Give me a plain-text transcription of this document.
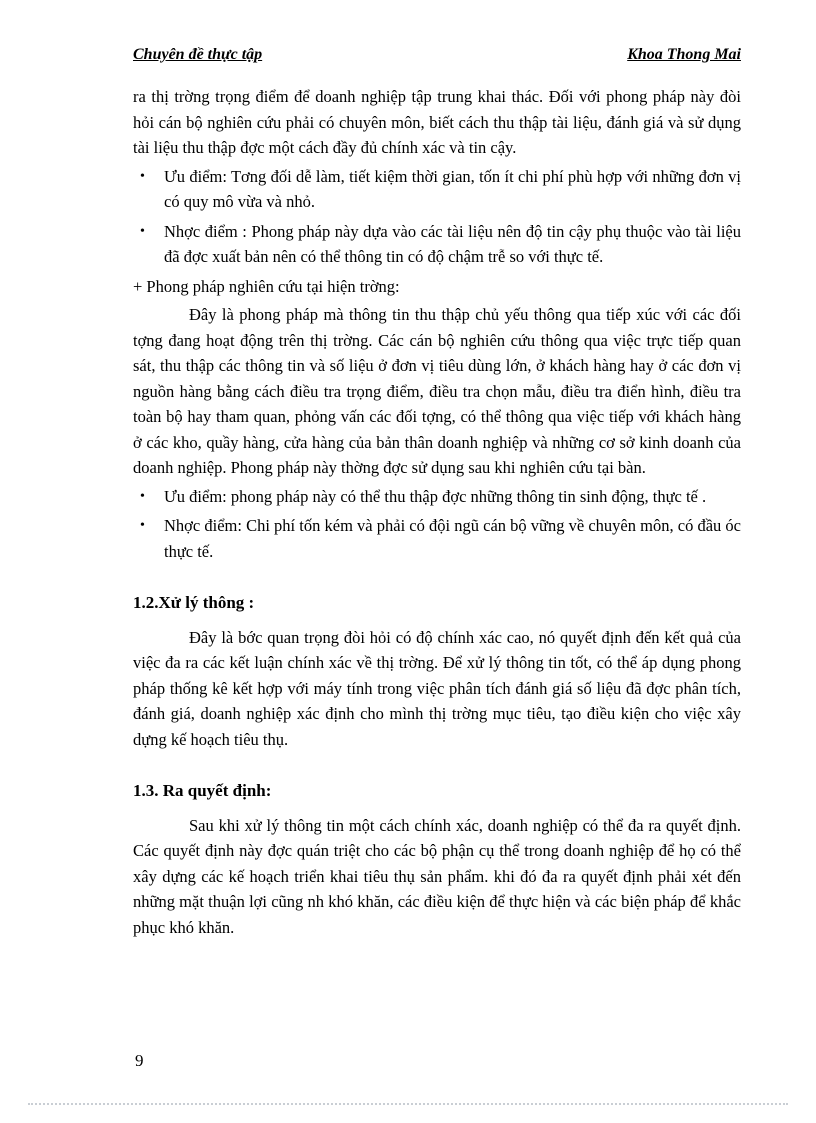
Chuyên đề thực tập	Khoa Thong Mai

ra thị trờng trọng điểm để doanh nghiệp tập trung khai thác. Đối với phong pháp này đòi hỏi cán bộ nghiên cứu phải có chuyên môn, biết cách thu thập tài liệu, đánh giá và sử dụng tài liệu thu thập đợc một cách đầy đủ chính xác và tin cậy.

•	Ưu điểm: Tơng đối dễ làm, tiết kiệm thời gian, tốn ít chi phí phù hợp với những đơn vị có quy mô vừa và nhỏ.
•	Nhợc điểm : Phong pháp này dựa vào các tài liệu nên độ tin cậy phụ thuộc vào tài liệu đã đợc xuất bản nên có thể thông tin có độ chậm trễ so với thực tế.

+ Phong pháp nghiên cứu tại hiện trờng:

Đây là phong pháp mà thông tin thu thập chủ yếu thông qua tiếp xúc với các đối tợng đang hoạt động trên thị trờng. Các cán bộ nghiên cứu thông qua việc trực tiếp quan sát, thu thập các thông tin và số liệu ở đơn vị tiêu dùng lớn, ở khách hàng hay ở các đơn vị nguồn hàng bằng cách điều tra trọng điểm, điều tra chọn mẫu, điều tra điển hình, điều tra toàn bộ hay tham quan, phỏng vấn các đối tợng, có thể thông qua việc tiếp với khách hàng ở các kho, quầy hàng, cửa hàng của bản thân doanh nghiệp và những cơ sở kinh doanh của doanh nghiệp. Phong pháp này thờng đợc sử dụng sau khi nghiên cứu tại bàn.

•	Ưu điểm: phong pháp này có thể thu thập đợc những thông tin sinh động, thực tế .
•	Nhợc điểm: Chi phí tốn kém và phải có đội ngũ cán bộ vững về chuyên môn, có đầu óc thực tế.
1.2.Xử lý thông :

Đây là bớc quan trọng đòi hỏi có độ chính xác cao, nó quyết định đến kết quả của việc đa ra các kết luận chính xác về thị trờng. Để xử lý thông tin tốt, có thể áp dụng phong pháp thống kê kết hợp với máy tính trong việc phân tích đánh giá số liệu đã đợc phân tích, đánh giá, doanh nghiệp xác định cho mình thị trờng mục tiêu, tạo điều kiện cho việc xây dựng kế hoạch tiêu thụ.

1.3. Ra quyết định:

Sau khi xử lý thông tin một cách chính xác, doanh nghiệp có thể đa ra quyết định. Các quyết định này đợc quán triệt cho các bộ phận cụ thể trong doanh nghiệp để họ có thể xây dựng các kế hoạch triển khai tiêu thụ sản phẩm. khi đó đa ra quyết định phải xét đến những mặt thuận lợi cũng nh khó khăn, các điều kiện để thực hiện và các biện pháp để khắc phục khó khăn.

9
